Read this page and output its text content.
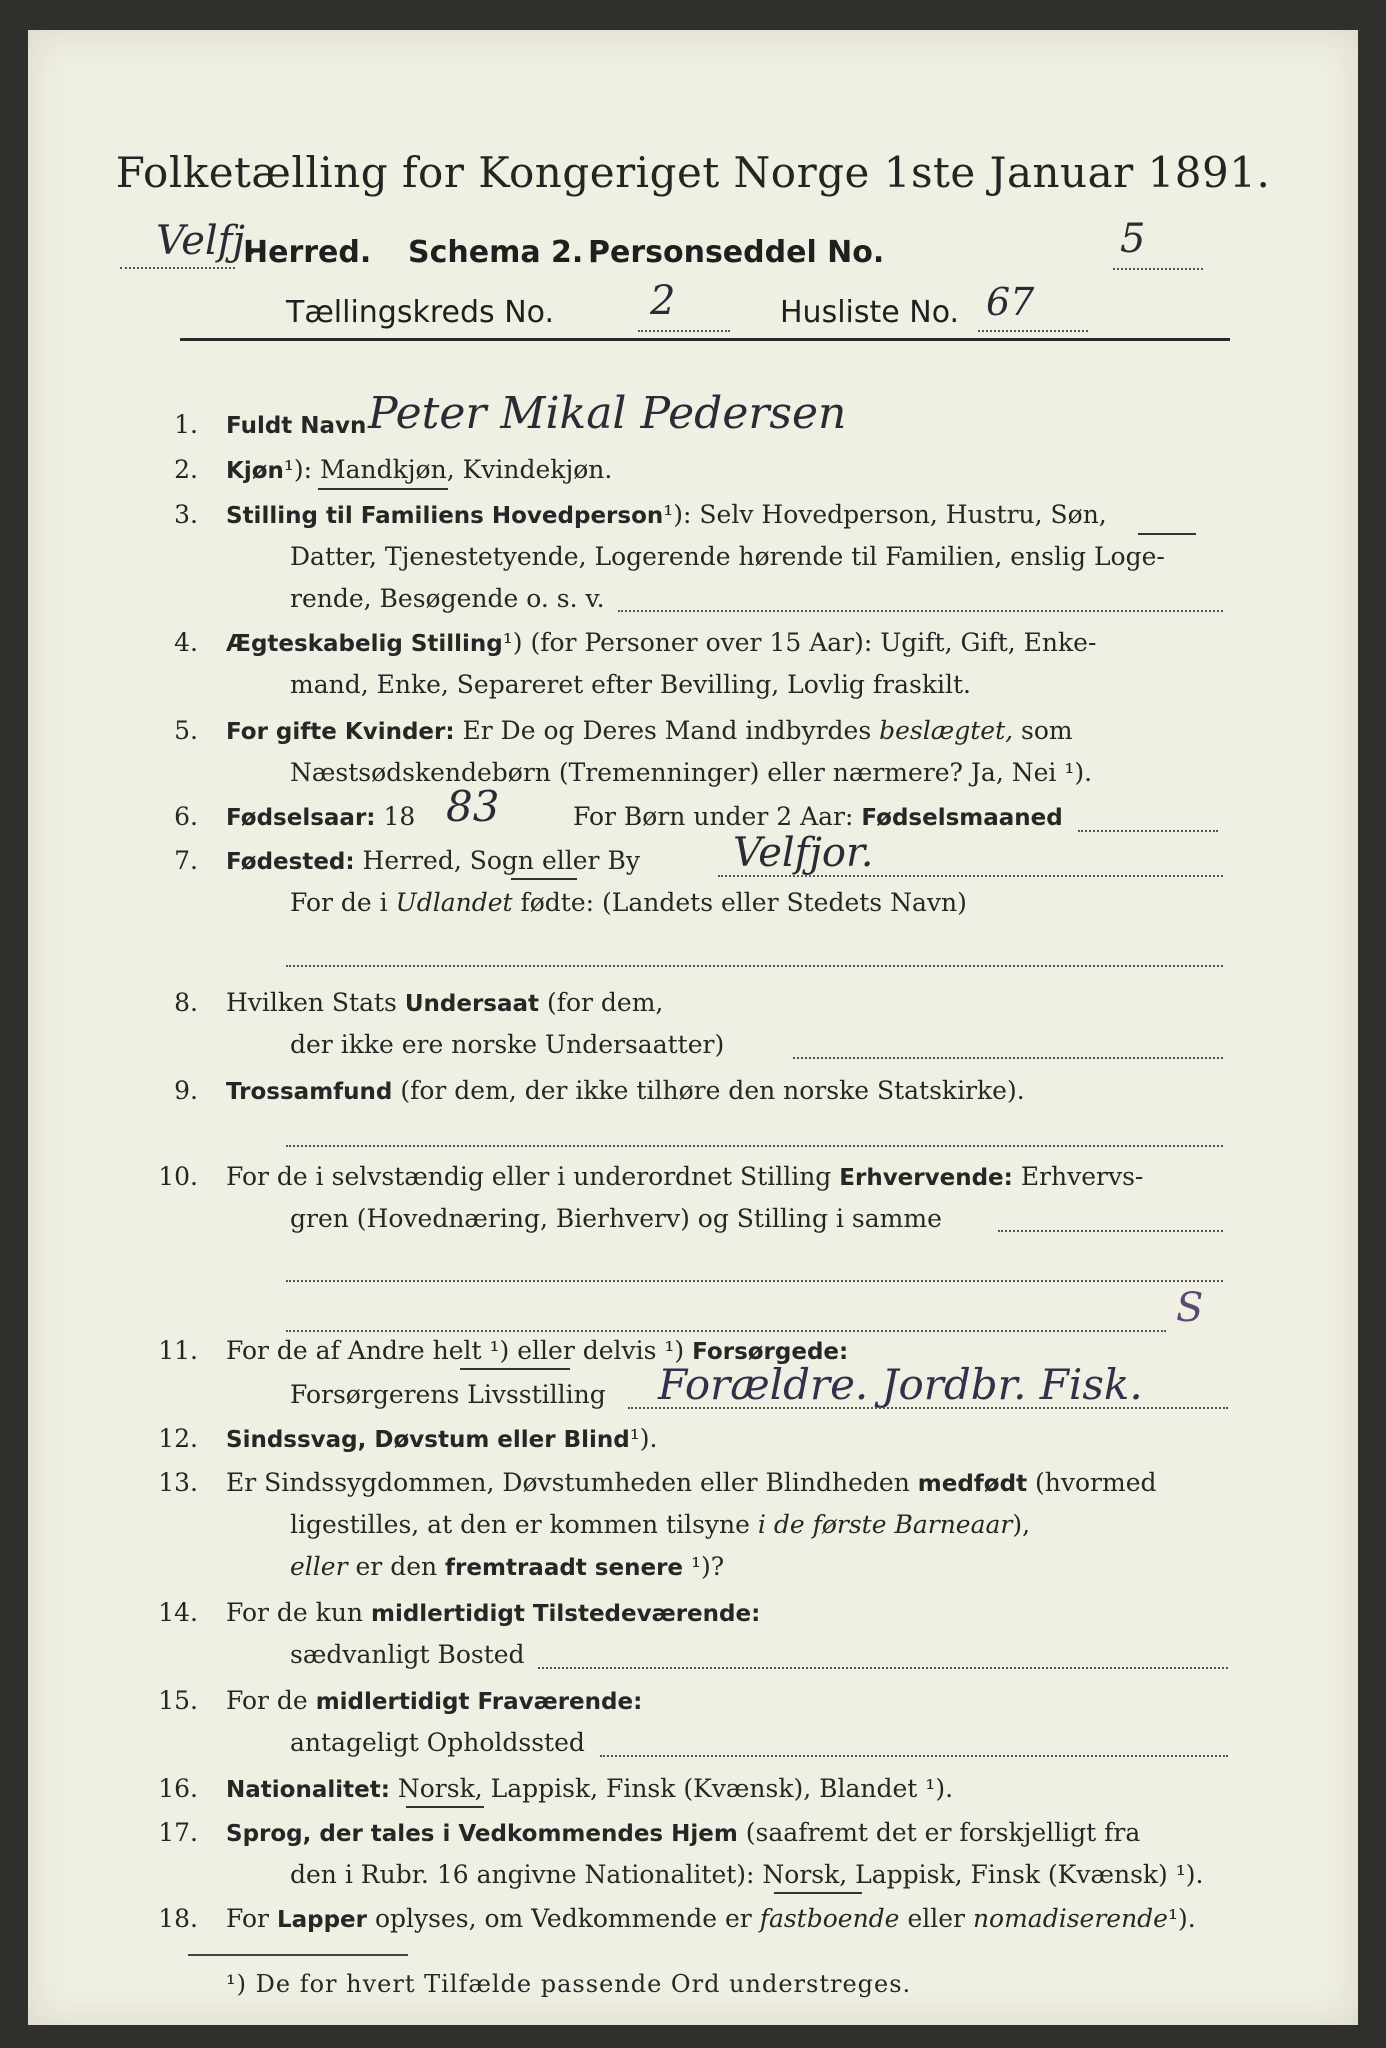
Folketælling for Kongeriget Norge 1ste Januar 1891.
Velfj.
Herred. Schema 2. Personseddel No.	5
Tællingskreds No. 2	Husliste No. 67
1. Fuldt Navn Peter Mikal Pedersen
2. Kjøn¹): Mandkjøn, Kvindekjøn.
3. Stilling til Familiens Hovedperson¹): Selv Hovedperson, Hustru, Søn,
Datter, Tjenestetyende, Logerende hørende til Familien, enslig Loge-
rende, Besøgende o. s. v.
4. Ægteskabelig Stilling¹) (for Personer over 15 Aar): Ugift, Gift, Enke-
mand, Enke, Separeret efter Bevilling, Lovlig fraskilt.
5. For gifte Kvinder: Er De og Deres Mand indbyrdes beslægtet, som
Næstsødskendebørn (Tremenninger) eller nærmere? Ja, Nei ¹).
6. Fødselsaar: 18 83	For Børn under 2 Aar: Fødselsmaaned
7. Fødested: Herred, Sogn eller By Velfjor.
For de i Udlandet fødte: (Landets eller Stedets Navn)
8. Hvilken Stats Undersaat (for dem,
der ikke ere norske Undersaatter)
9. Trossamfund (for dem, der ikke tilhøre den norske Statskirke).
10. For de i selvstændig eller i underordnet Stilling Erhvervende: Erhvervs-
gren (Hovednæring, Bierhverv) og Stilling i samme
S
11. For de af Andre helt ¹) eller delvis ¹) Forsørgede:
Forsørgerens Livsstilling Forældre. Jordbr. Fisk.
12. Sindssvag, Døvstum eller Blind¹).
13. Er Sindssygdommen, Døvstumheden eller Blindheden medfødt (hvormed
ligestilles, at den er kommen tilsyne i de første Barneaar),
eller er den fremtraadt senere ¹)?
14. For de kun midlertidigt Tilstedeværende:
sædvanligt Bosted
15. For de midlertidigt Fraværende:
antageligt Opholdssted
16. Nationalitet: Norsk, Lappisk, Finsk (Kvænsk), Blandet ¹).
17. Sprog, der tales i Vedkommendes Hjem (saafremt det er forskjelligt fra
den i Rubr. 16 angivne Nationalitet): Norsk, Lappisk, Finsk (Kvænsk) ¹).
18. For Lapper oplyses, om Vedkommende er fastboende eller nomadiserende¹).
¹) De for hvert Tilfælde passende Ord understreges.
